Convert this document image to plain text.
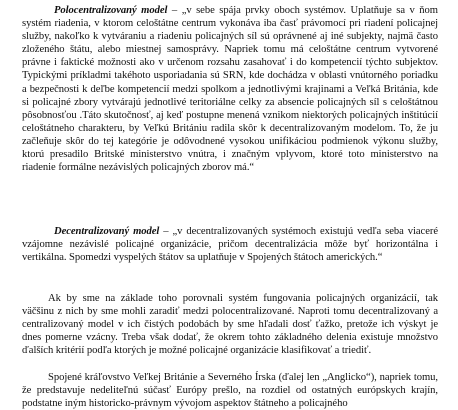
Polocentralizovaný model – „v sebe spája prvky oboch systémov. Uplatňuje sa v ňom systém riadenia, v ktorom celoštátne centrum vykonáva iba časť právomocí pri riadení policajnej služby, nakoľko k vytváraniu a riadeniu policajných síl sú oprávnené aj iné subjekty, najmä často zloženého štátu, alebo miestnej samosprávy. Napriek tomu má celoštátne centrum vytvorené právne i faktické možnosti ako v určenom rozsahu zasahovať i do kompetencií týchto subjektov. Typickými príkladmi takéhoto usporiadania sú SRN, kde dochádza v oblasti vnútorného poriadku a bezpečnosti k deľbe kompetencií medzi spolkom a jednotlivými krajinami a Veľká Británia, kde si policajné zbory vytvárajú jednotlivé teritoriálne celky za absencie policajných síl s celoštátnou pôsobnosťou .Táto skutočnosť, aj keď postupne menená vznikom niektorých policajných inštitúcií celoštátneho charakteru, by Veľkú Britániu radila skôr k decentralizovaným modelom. To, že ju začleňuje skôr do tej kategórie je odôvodnené vysokou unifikáciou podmienok výkonu služby, ktorú presadilo Britské ministerstvo vnútra, i značným vplyvom, ktoré toto ministerstvo na riadenie formálne nezávislých policajných zborov má.“

Decentralizovaný model – „v decentralizovaných systémoch existujú vedľa seba viaceré vzájomne nezávislé policajné organizácie, pričom decentralizácia môže byť horizontálna i vertikálna. Spomedzi vyspelých štátov sa uplatňuje v Spojených štátoch amerických.“

Ak by sme na základe toho porovnali systém fungovania policajných organizácií, tak väčšinu z nich by sme mohli zaradiť medzi polocentralizované. Naproti tomu decentralizovaný a centralizovaný model v ich čistých podobách by sme hľadali dosť ťažko, pretože ich výskyt je dnes pomerne vzácny. Treba však dodať, že okrem tohto základného delenia existuje množstvo ďalších kritérií podľa ktorých je možné policajné organizácie klasifikovať a triediť.

Spojené kráľovstvo Veľkej Británie a Severného Írska (ďalej len „Anglicko“), napriek tomu, že predstavuje nedeliteľnú súčasť Európy prešlo, na rozdiel od ostatných európskych krajín, podstatne iným historicko-právnym vývojom aspektov štátneho a policajného
